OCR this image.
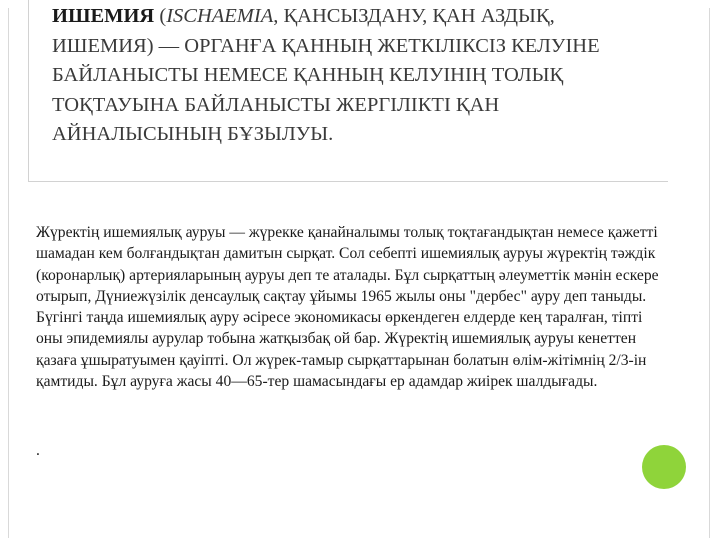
ИШЕМИЯ (ISCHAEMIA, ҚАНСЫЗДАНУ, ҚАН АЗДЫҚ, ИШЕМИЯ) — ОРГАНҒА ҚАННЫҢ ЖЕТКІЛІКСІЗ КЕЛУІНЕ БАЙЛАНЫСТЫ НЕМЕСЕ ҚАННЫҢ КЕЛУІНІҢ ТОЛЫҚ ТОҚТАУЫНА БАЙЛАНЫСТЫ ЖЕРГІЛІКТІ ҚАН АЙНАЛЫСЫНЫҢ БҰЗЫЛУЫ.

Жүректің ишемиялық ауруы — жүрекке қанайналымы толық тоқтағандықтан немесе қажетті шамадан кем болғандықтан дамитын сырқат. Сол себепті ишемиялық ауруы жүректің тәждік (коронарлық) артерияларының ауруы деп те аталады. Бұл сырқаттың әлеуметтік мәнін ескере отырып, Дүниежүзілік денсаулық сақтау ұйымы 1965 жылы оны "дербес" ауру деп таныды. Бүгінгі таңда ишемиялық ауру әсіресе экономикасы өркендеген елдерде кең таралған, тіпті оны эпидемиялы аурулар тобына жатқызбақ ой бар. Жүректің ишемиялық ауруы кенеттен қазаға ұшыратуымен қауіпті. Ол жүрек-тамыр сырқаттарынан болатын өлім-жітімнің 2/3-ін қамтиды. Бұл ауруға жасы 40—65-тер шамасындағы ер адамдар жиірек шалдығады.

.
